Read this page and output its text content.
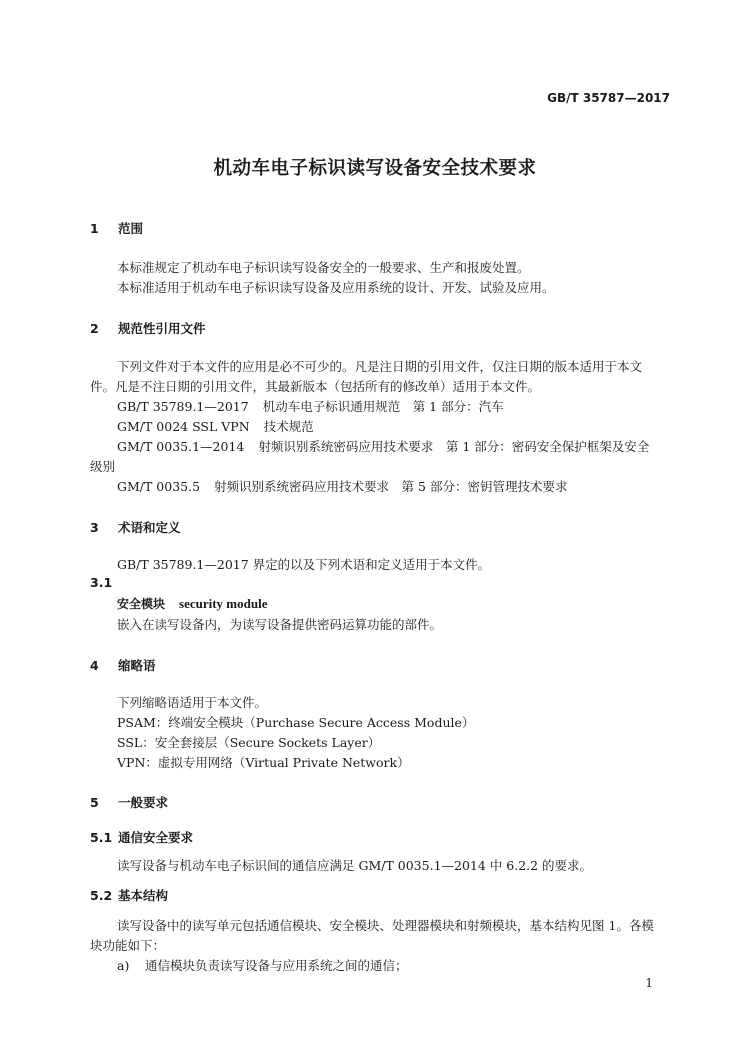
GB/T 35787—2017
机动车电子标识读写设备安全技术要求
1 范围
本标准规定了机动车电子标识读写设备安全的一般要求、生产和报废处置。
本标准适用于机动车电子标识读写设备及应用系统的设计、开发、试验及应用。
2 规范性引用文件
下列文件对于本文件的应用是必不可少的。凡是注日期的引用文件，仅注日期的版本适用于本文
件。凡是不注日期的引用文件，其最新版本（包括所有的修改单）适用于本文件。
GB/T 35789.1—2017 机动车电子标识通用规范　第 1 部分：汽车
GM/T 0024 SSL VPN 技术规范
GM/T 0035.1—2014 射频识别系统密码应用技术要求　第 1 部分：密码安全保护框架及安全
级别
GM/T 0035.5 射频识别系统密码应用技术要求　第 5 部分：密钥管理技术要求
3 术语和定义
GB/T 35789.1—2017 界定的以及下列术语和定义适用于本文件。
3.1
安全模块 security module
嵌入在读写设备内，为读写设备提供密码运算功能的部件。
4 缩略语
下列缩略语适用于本文件。
PSAM：终端安全模块（Purchase Secure Access Module）
SSL：安全套接层（Secure Sockets Layer）
VPN：虚拟专用网络（Virtual Private Network）
5 一般要求
5.1 通信安全要求
读写设备与机动车电子标识间的通信应满足 GM/T 0035.1—2014 中 6.2.2 的要求。
5.2 基本结构
读写设备中的读写单元包括通信模块、安全模块、处理器模块和射频模块，基本结构见图 1。各模
块功能如下：
a) 通信模块负责读写设备与应用系统之间的通信；
1
